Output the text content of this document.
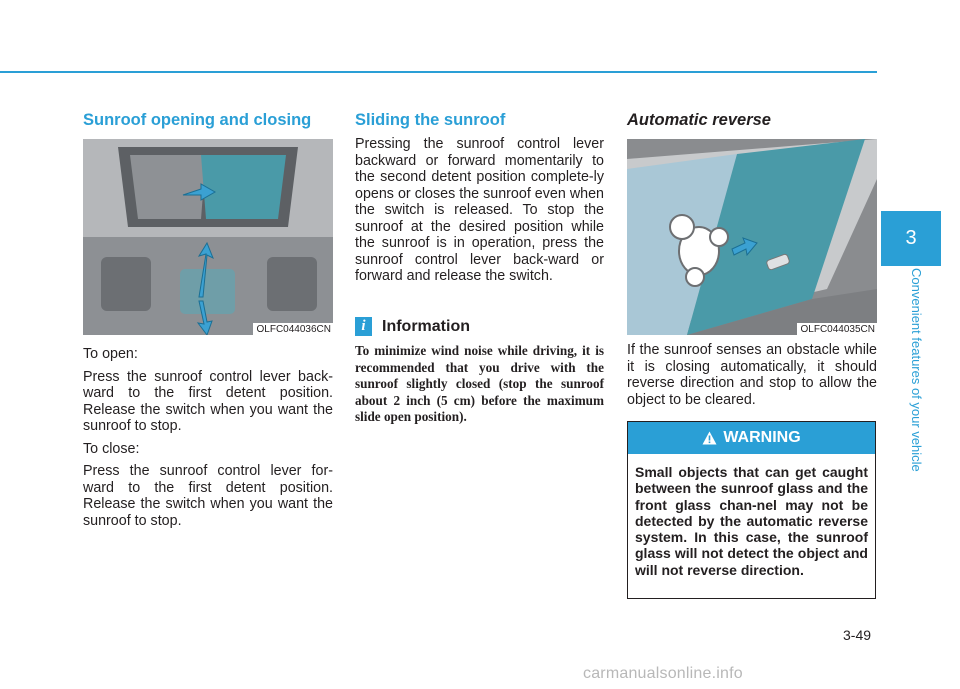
Sunroof opening and closing
OLFC044036CN

To open:

Press the sunroof control lever back-ward to the first detent position. Release the switch when you want the sunroof to stop.

To close:

Press the sunroof control lever for-ward to the first detent position. Release the switch when you want the sunroof to stop.

Sliding the sunroof

Pressing the sunroof control lever backward or forward momentarily to the second detent position complete-ly opens or closes the sunroof even when the switch is released. To stop the sunroof at the desired position while the sunroof is in operation, press the sunroof control lever back-ward or forward and release the switch.

i	Information
To minimize wind noise while driving, it is recommended that you drive with the sunroof slightly closed (stop the sunroof about 2 inch (5 cm) before the maximum slide open position).
Automatic reverse
OLFC044035CN

If the sunroof senses an obstacle while it is closing automatically, it should reverse direction and stop to allow the object to be cleared.

WARNING
Small objects that can get caught between the sunroof glass and the front glass chan-nel may not be detected by the automatic reverse system. In this case, the sunroof glass will not detect the object and will not reverse direction.
3
Convenient features of your vehicle
3-49
carmanualsonline.info
